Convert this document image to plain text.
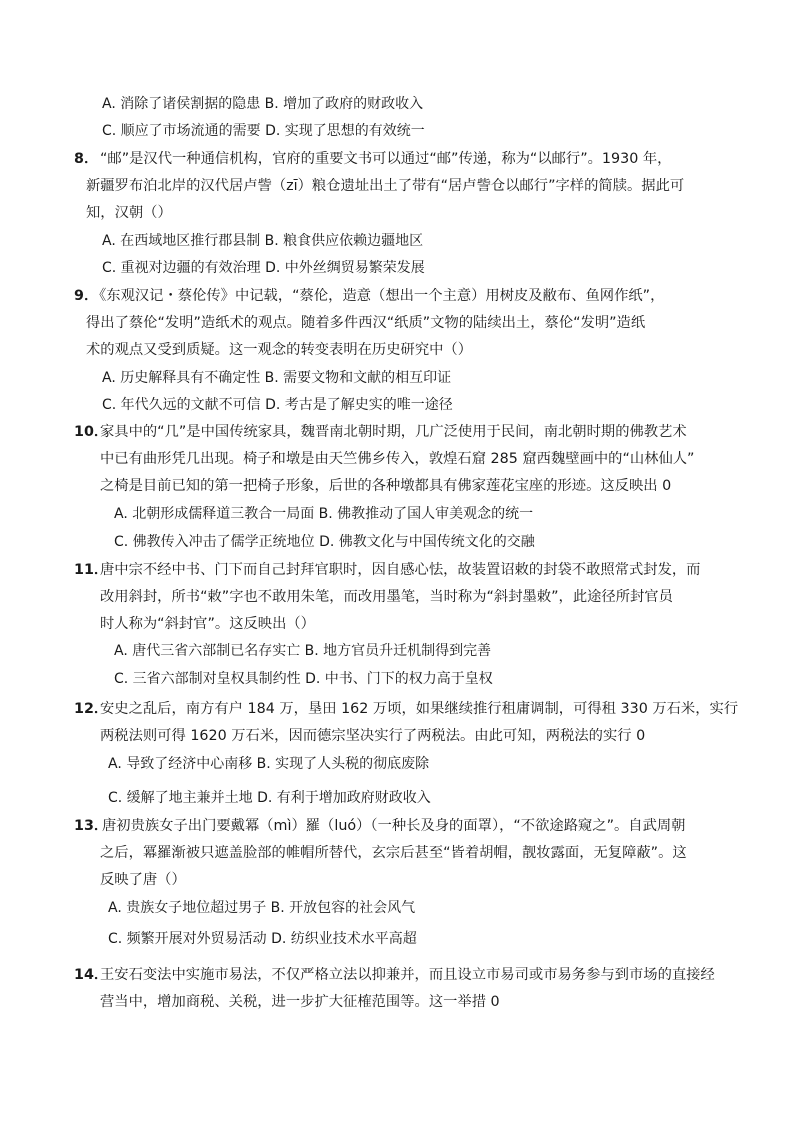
A. 消除了诸侯割据的隐患 B. 增加了政府的财政收入
C. 顺应了市场流通的需要 D. 实现了思想的有效统一
8． “邮”是汉代一种通信机构，官府的重要文书可以通过“邮”传递，称为“以邮行”。1930 年，
新疆罗布泊北岸的汉代居卢訾（zī）粮仓遗址出土了带有“居卢訾仓以邮行”字样的简牍。据此可
知，汉朝（）
A. 在西域地区推行郡县制 B. 粮食供应依赖边疆地区
C. 重视对边疆的有效治理 D. 中外丝绸贸易繁荣发展
9．
《东观汉记・蔡伦传》中记载，“蔡伦，造意（想出一个主意）用树皮及敝布、鱼网作纸”，
得出了蔡伦“发明”造纸术的观点。随着多件西汉“纸质”文物的陆续出土，蔡伦“发明”造纸
术的观点又受到质疑。这一观念的转变表明在历史研究中（）
A. 历史解释具有不确定性 B. 需要文物和文献的相互印证
C. 年代久远的文献不可信 D. 考古是了解史实的唯一途径
10．
家具中的“几”是中国传统家具，魏晋南北朝时期，几广泛使用于民间，南北朝时期的佛教艺术
中已有曲形凭几出现。椅子和墩是由天竺佛乡传入，敦煌石窟 285 窟西魏壁画中的“山林仙人”
之椅是目前已知的第一把椅子形象，后世的各种墩都具有佛家莲花宝座的形迹。这反映出 0
A. 北朝形成儒释道三教合一局面 B. 佛教推动了国人审美观念的统一
C. 佛教传入冲击了儒学正统地位 D. 佛教文化与中国传统文化的交融
11．
唐中宗不经中书、门下而自己封拜官职时，因自感心怯，故装置诏敕的封袋不敢照常式封发，而
改用斜封，所书“敕”字也不敢用朱笔，而改用墨笔，当时称为“斜封墨敕”，此途径所封官员
时人称为“斜封官”。这反映出（）
A. 唐代三省六部制已名存实亡 B. 地方官员升迁机制得到完善
C. 三省六部制对皇权具制约性 D. 中书、门下的权力高于皇权
12．
安史之乱后，南方有户 184 万，垦田 162 万顷，如果继续推行租庸调制，可得租 330 万石米，实行
两税法则可得 1620 万石米，因而德宗坚决实行了两税法。由此可知，两税法的实行 0
A. 导致了经济中心南移 B. 实现了人头税的彻底废除
C. 缓解了地主兼并土地 D. 有利于增加政府财政收入
13．
唐初贵族女子出门要戴冪（mì）羅（luó）（一种长及身的面罩），“不欲途路窥之”。自武周朝
之后，冪羅渐被只遮盖脸部的帷帽所替代，玄宗后甚至“皆着胡帽，靓妆露面，无复障蔽”。这
反映了唐（）
A. 贵族女子地位超过男子 B. 开放包容的社会风气
C. 频繁开展对外贸易活动 D. 纺织业技术水平高超
14．
王安石变法中实施市易法，不仅严格立法以抑兼并，而且设立市易司或市易务参与到市场的直接经
营当中，增加商税、关税，进一步扩大征榷范围等。这一举措 0
